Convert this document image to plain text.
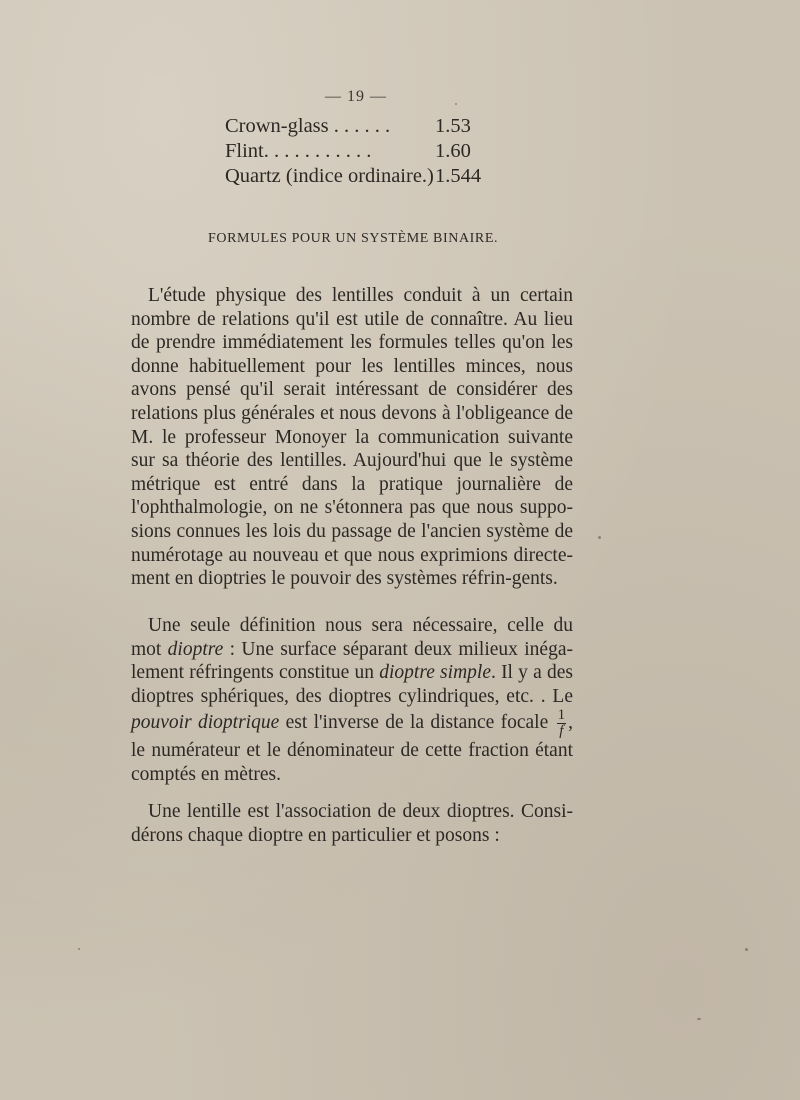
— 19 —
Crown-glass . . . . . . 1.53
Flint. . . . . . . . . . .	1.60
Quartz (indice ordinaire.) 1.544
FORMULES POUR UN SYSTÈME BINAIRE.
L'étude physique des lentilles conduit à un certain nombre de relations qu'il est utile de connaître. Au lieu de prendre immédiatement les formules telles qu'on les donne habituellement pour les lentilles minces, nous avons pensé qu'il serait intéressant de considérer des relations plus générales et nous devons à l'obligeance de M. le professeur Monoyer la communication suivante sur sa théorie des lentilles. Aujourd'hui que le système métrique est entré dans la pratique journalière de l'ophthalmologie, on ne s'étonnera pas que nous suppo-sions connues les lois du passage de l'ancien système de numérotage au nouveau et que nous exprimions directe-ment en dioptries le pouvoir des systèmes réfrin-gents.
Une seule définition nous sera nécessaire, celle du mot dioptre : Une surface séparant deux milieux inéga-lement réfringents constitue un dioptre simple. Il y a des dioptres sphériques, des dioptres cylindriques, etc. . Le pouvoir dioptrique est l'inverse de la distance focale $\frac{1}{f}$ , le numérateur et le dénominateur de cette fraction étant comptés en mètres.
Une lentille est l'association de deux dioptres. Consi-dérons chaque dioptre en particulier et posons :
